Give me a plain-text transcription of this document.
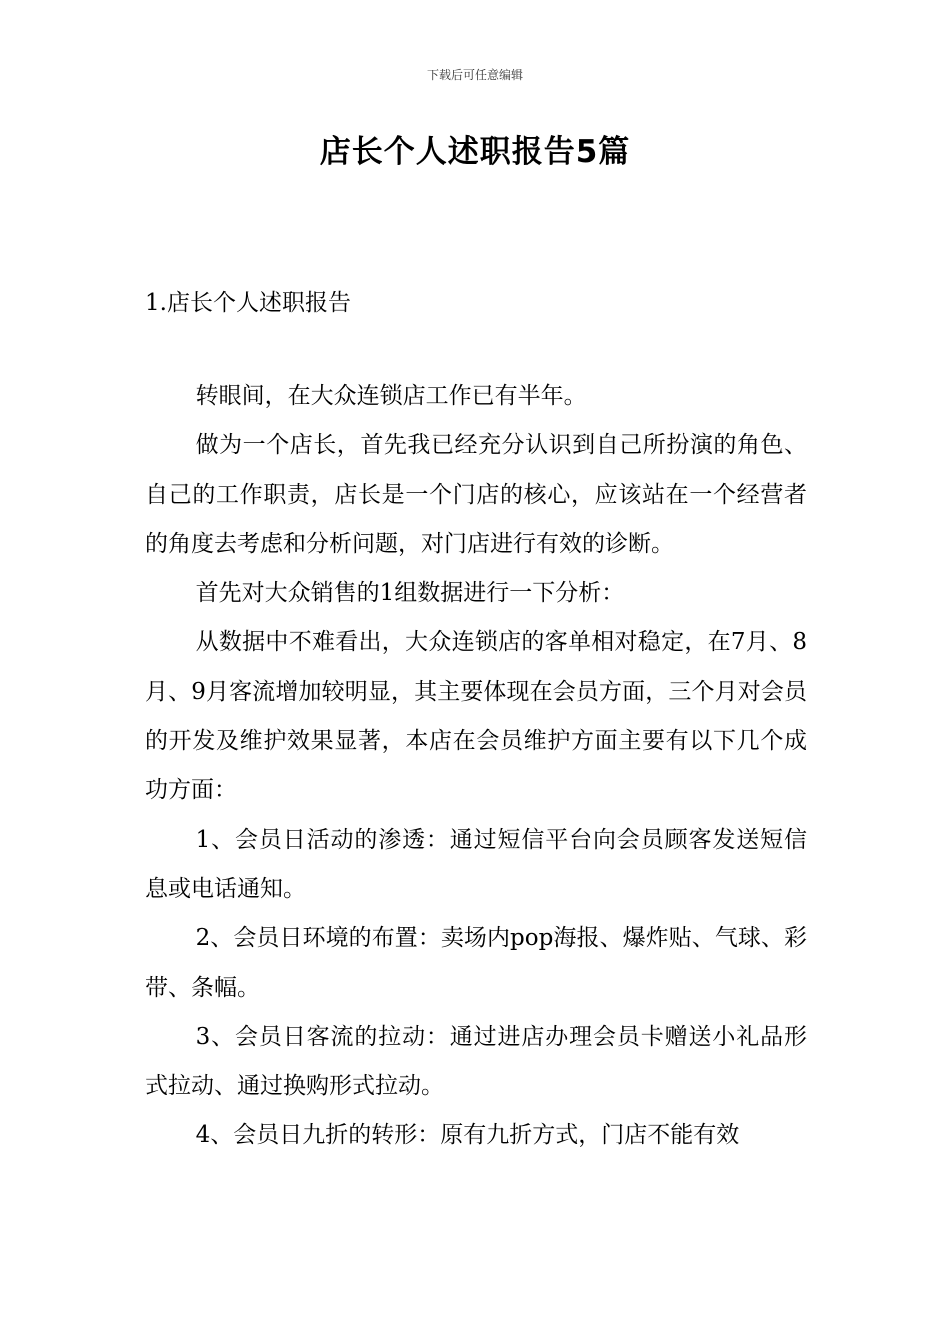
下载后可任意编辑
店长个人述职报告5篇
1.店长个人述职报告

转眼间，在大众连锁店工作已有半年。

做为一个店长，首先我已经充分认识到自己所扮演的角色、自己的工作职责，店长是一个门店的核心，应该站在一个经营者的角度去考虑和分析问题，对门店进行有效的诊断。

首先对大众销售的1组数据进行一下分析：

从数据中不难看出，大众连锁店的客单相对稳定，在7月、8月、9月客流增加较明显，其主要体现在会员方面，三个月对会员的开发及维护效果显著，本店在会员维护方面主要有以下几个成功方面：

1、会员日活动的渗透：通过短信平台向会员顾客发送短信息或电话通知。

2、会员日环境的布置：卖场内pop海报、爆炸贴、气球、彩带、条幅。

3、会员日客流的拉动：通过进店办理会员卡赠送小礼品形式拉动、通过换购形式拉动。

4、会员日九折的转形：原有九折方式，门店不能有效
